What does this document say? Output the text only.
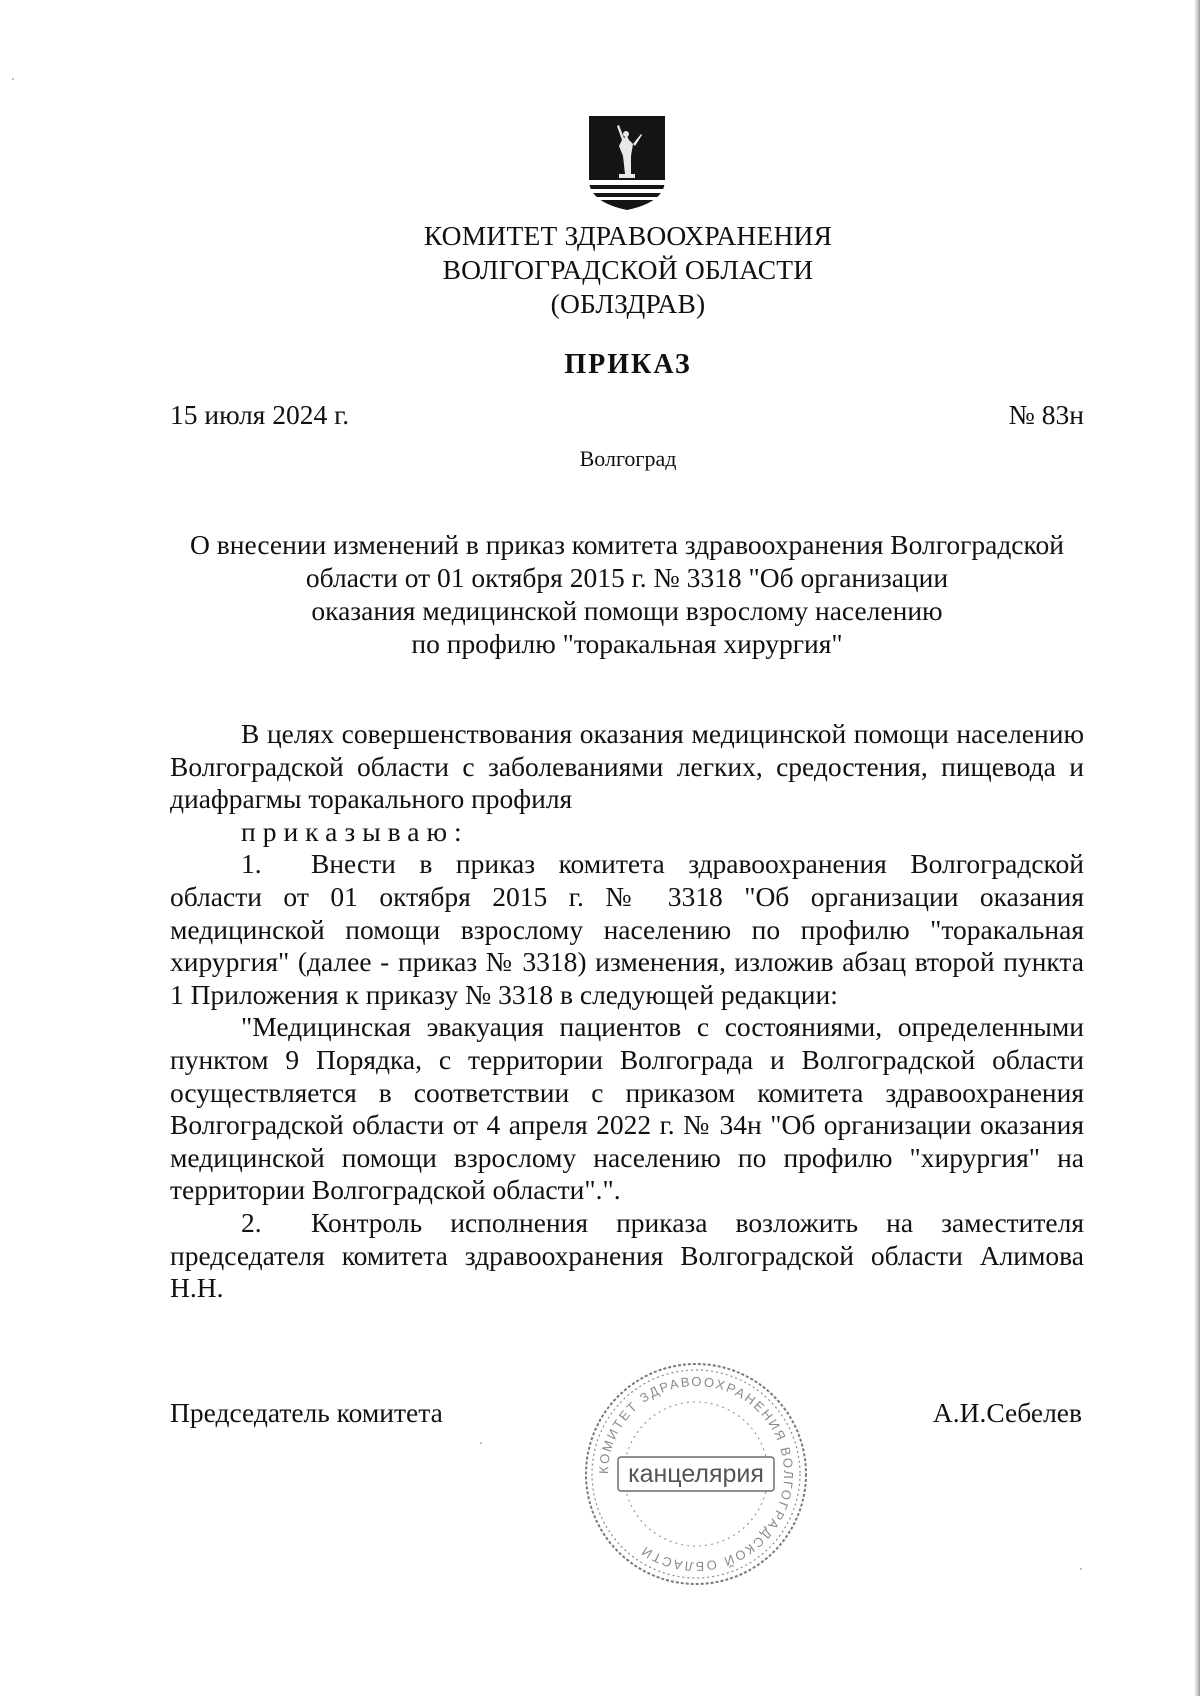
КОМИТЕТ ЗДРАВООХРАНЕНИЯ
ВОЛГОГРАДСКОЙ ОБЛАСТИ
(ОБЛЗДРАВ)
ПРИКАЗ
15 июля 2024 г.	№ 83н
Волгоград
О внесении изменений в приказ комитета здравоохранения Волгоградской
области от 01 октября 2015 г. № 3318 "Об организации
оказания медицинской помощи взрослому населению
по профилю "торакальная хирургия"

В целях совершенствования оказания медицинской помощи населению Волгоградской области с заболеваниями легких, средостения, пищевода и диафрагмы торакального профиля

приказываю:

1. Внести в приказ комитета здравоохранения Волгоградской области от 01 октября 2015 г. № 3318 "Об организации оказания медицинской помощи взрослому населению по профилю "торакальная хирургия" (далее - приказ № 3318) изменения, изложив абзац второй пункта 1 Приложения к приказу № 3318 в следующей редакции:

"Медицинская эвакуация пациентов с состояниями, определенными пунктом 9 Порядка, с территории Волгограда и Волгоградской области осуществляется в соответствии с приказом комитета здравоохранения Волгоградской области от 4 апреля 2022 г. № 34н "Об организации оказания медицинской помощи взрослому населению по профилю "хирургия" на территории Волгоградской области".".

2. Контроль исполнения приказа возложить на заместителя председателя комитета здравоохранения Волгоградской области Алимова Н.Н.

Председатель комитета	А.И.Себелев
КОМИТЕТ ЗДРАВООХРАНЕНИЯ ВОЛГОГРАДСКОЙ ОБЛАСТИ
канцелярия
